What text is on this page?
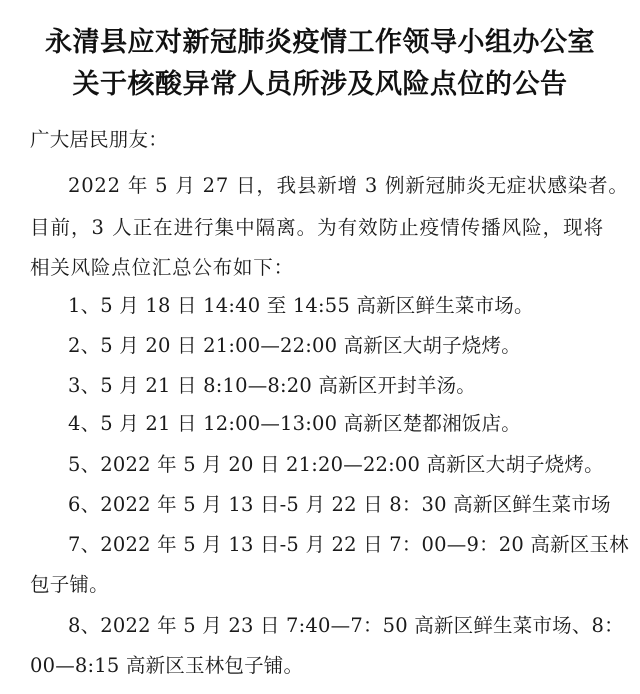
永清县应对新冠肺炎疫情工作领导小组办公室
关于核酸异常人员所涉及风险点位的公告
广大居民朋友：
2022 年 5 月 27 日，我县新增 3 例新冠肺炎无症状感染者。
目前，3 人正在进行集中隔离。为有效防止疫情传播风险，现将
相关风险点位汇总公布如下：
1、5 月 18 日 14:40 至 14:55 高新区鲜生菜市场。
2、5 月 20 日 21:00—22:00 高新区大胡子烧烤。
3、5 月 21 日 8:10—8:20 高新区开封羊汤。
4、5 月 21 日 12:00—13:00 高新区楚都湘饭店。
5、2022 年 5 月 20 日 21:20—22:00 高新区大胡子烧烤。
6、2022 年 5 月 13 日-5 月 22 日 8：30 高新区鲜生菜市场
7、2022 年 5 月 13 日-5 月 22 日 7：00—9：20 高新区玉林
包子铺。
8、2022 年 5 月 23 日 7:40—7：50 高新区鲜生菜市场、8：
00—8:15 高新区玉林包子铺。
